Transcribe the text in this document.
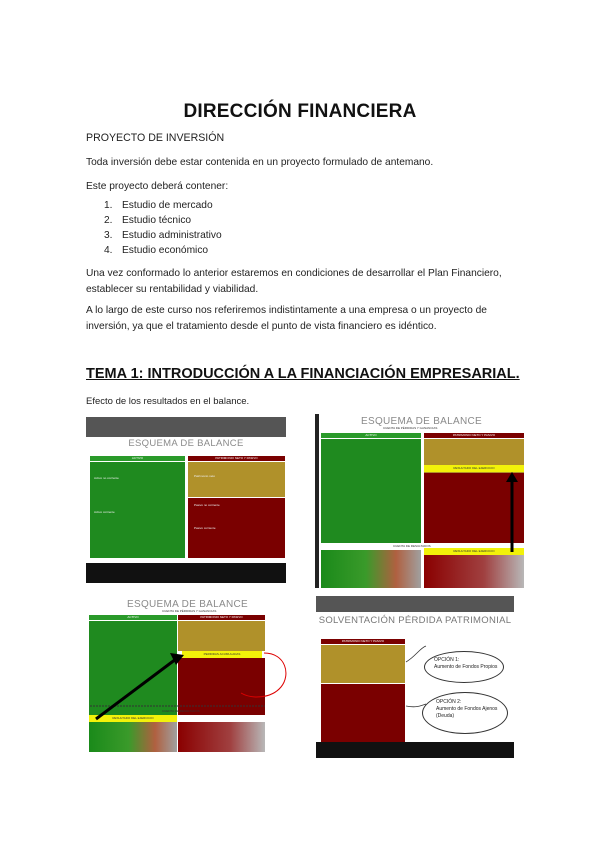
DIRECCIÓN FINANCIERA
PROYECTO DE INVERSIÓN
Toda inversión debe estar contenida en un proyecto formulado de antemano.
Este proyecto deberá contener:
1. Estudio de mercado
2. Estudio técnico
3. Estudio administrativo
4. Estudio económico
Una vez conformado lo anterior estaremos en condiciones de desarrollar el Plan Financiero,
establecer su rentabilidad y viabilidad.
A lo largo de este curso nos referiremos indistintamente a una empresa o un proyecto de
inversión, ya que el tratamiento desde el punto de vista financiero es idéntico.
TEMA 1: INTRODUCCIÓN A LA FINANCIACIÓN EMPRESARIAL.
Efecto de los resultados en el balance.
ESQUEMA DE BALANCE
ACTIVO	PATRIMONIO NETO Y PASIVO
Activo no corriente
Activo corriente
Patrimonio neto
Pasivo no corriente
Pasivo corriente
ESQUEMA DE BALANCE
CUENTA DE PÉRDIDAS Y GANANCIAS
ACTIVO	PATRIMONIO NETO Y PASIVO
RESULTADO DEL EJERCICIO
CUENTA DE RESULTADOS
RESULTADO DEL EJERCICIO
ESQUEMA DE BALANCE
CUENTA DE PÉRDIDAS Y GANANCIAS
ACTIVO	PATRIMONIO NETO Y PASIVO
PERDIDAS ACUMULADAS
CUENTA DE RESULTADOS
RESULTADO DEL EJERCICIO
SOLVENTACIÓN PÉRDIDA PATRIMONIAL
PATRIMONIO NETO Y PASIVO
OPCIÓN 1:
Aumento de Fondos Propios
OPCIÓN 2:
Aumento de Fondos Ajenos
(Deuda)
